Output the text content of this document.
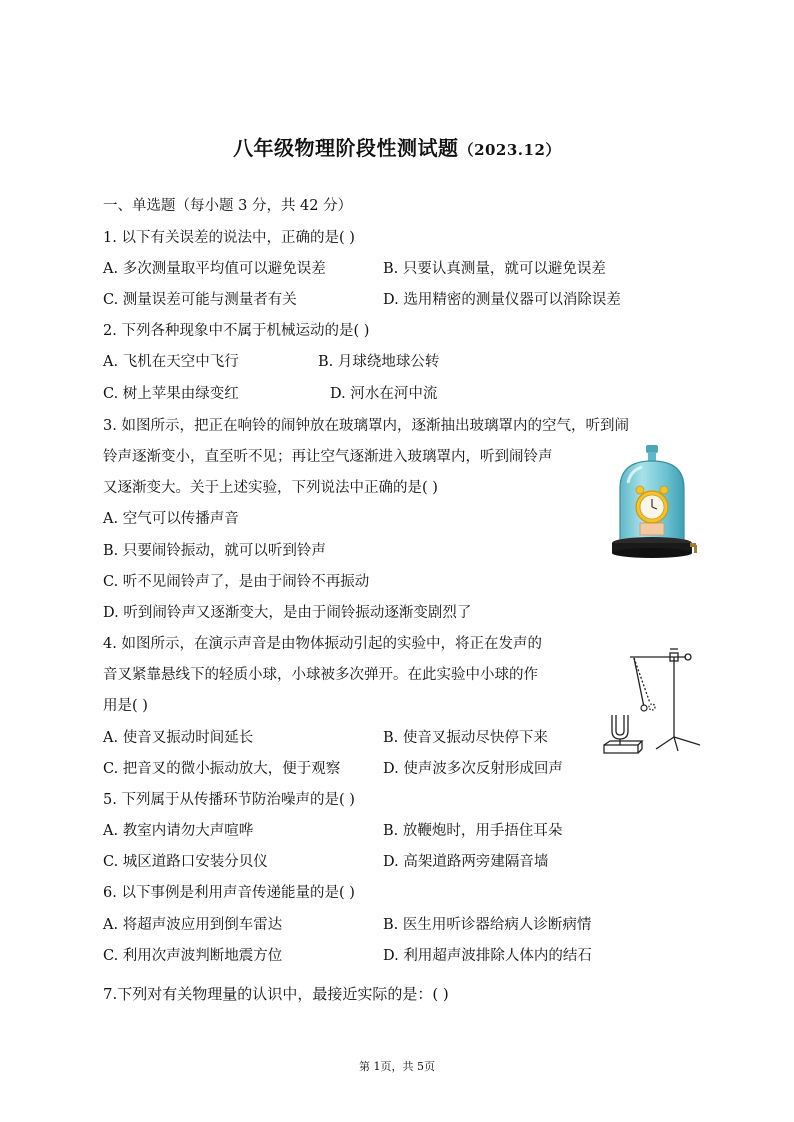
八年级物理阶段性测试题（2023.12）
一、单选题（每小题 3 分，共 42 分）
1. 以下有关误差的说法中，正确的是( )
A. 多次测量取平均值可以避免误差	B. 只要认真测量，就可以避免误差
C. 测量误差可能与测量者有关	D. 选用精密的测量仪器可以消除误差
2. 下列各种现象中不属于机械运动的是( )
A. 飞机在天空中飞行	B. 月球绕地球公转
C. 树上苹果由绿变红	D. 河水在河中流
3. 如图所示，把正在响铃的闹钟放在玻璃罩内，逐渐抽出玻璃罩内的空气，听到闹
铃声逐渐变小，直至听不见；再让空气逐渐进入玻璃罩内，听到闹铃声
又逐渐变大。关于上述实验，下列说法中正确的是( )
A. 空气可以传播声音
B. 只要闹铃振动，就可以听到铃声
C. 听不见闹铃声了，是由于闹铃不再振动
D. 听到闹铃声又逐渐变大，是由于闹铃振动逐渐变剧烈了
4. 如图所示，在演示声音是由物体振动引起的实验中，将正在发声的
音叉紧靠悬线下的轻质小球，小球被多次弹开。在此实验中小球的作
用是( )
A. 使音叉振动时间延长	B. 使音叉振动尽快停下来
C. 把音叉的微小振动放大，便于观察	D. 使声波多次反射形成回声
5. 下列属于从传播环节防治噪声的是( )
A. 教室内请勿大声喧哗	B. 放鞭炮时，用手捂住耳朵
C. 城区道路口安装分贝仪	D. 高架道路两旁建隔音墙
6. 以下事例是利用声音传递能量的是( )
A. 将超声波应用到倒车雷达	B. 医生用听诊器给病人诊断病情
C. 利用次声波判断地震方位	D. 利用超声波排除人体内的结石
7.下列对有关物理量的认识中，最接近实际的是：( )
第 1页，共 5页
